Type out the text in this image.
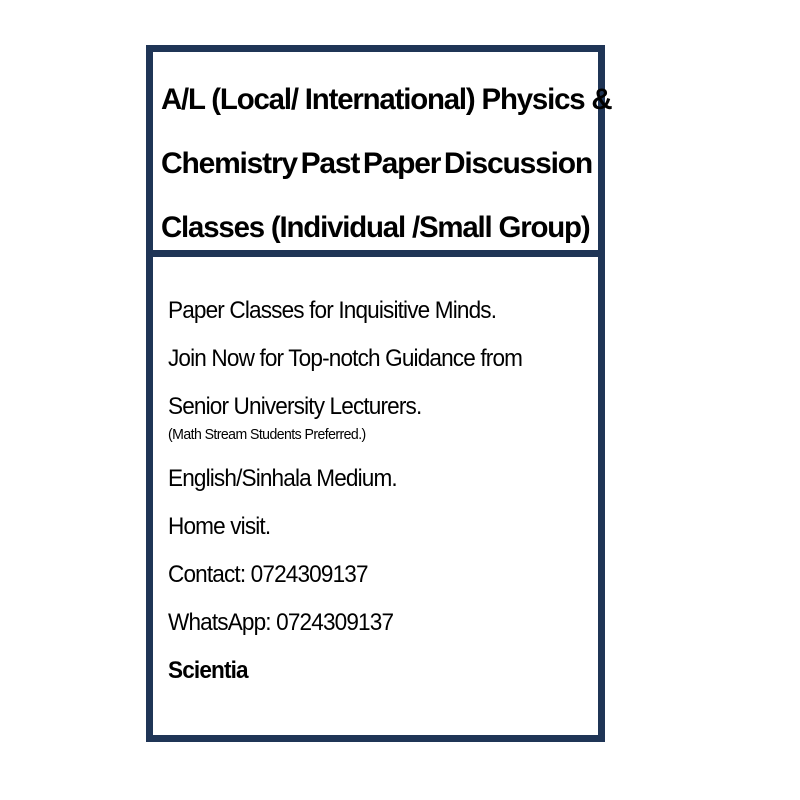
A/L (Local/ International) Physics &
Chemistry Past Paper Discussion
Classes (Individual /Small Group)
Paper Classes for Inquisitive Minds.
Join Now for Top-notch Guidance from
Senior University Lecturers.
(Math Stream Students Preferred.)
English/Sinhala Medium.
Home visit.
Contact: 0724309137
WhatsApp: 0724309137
Scientia
